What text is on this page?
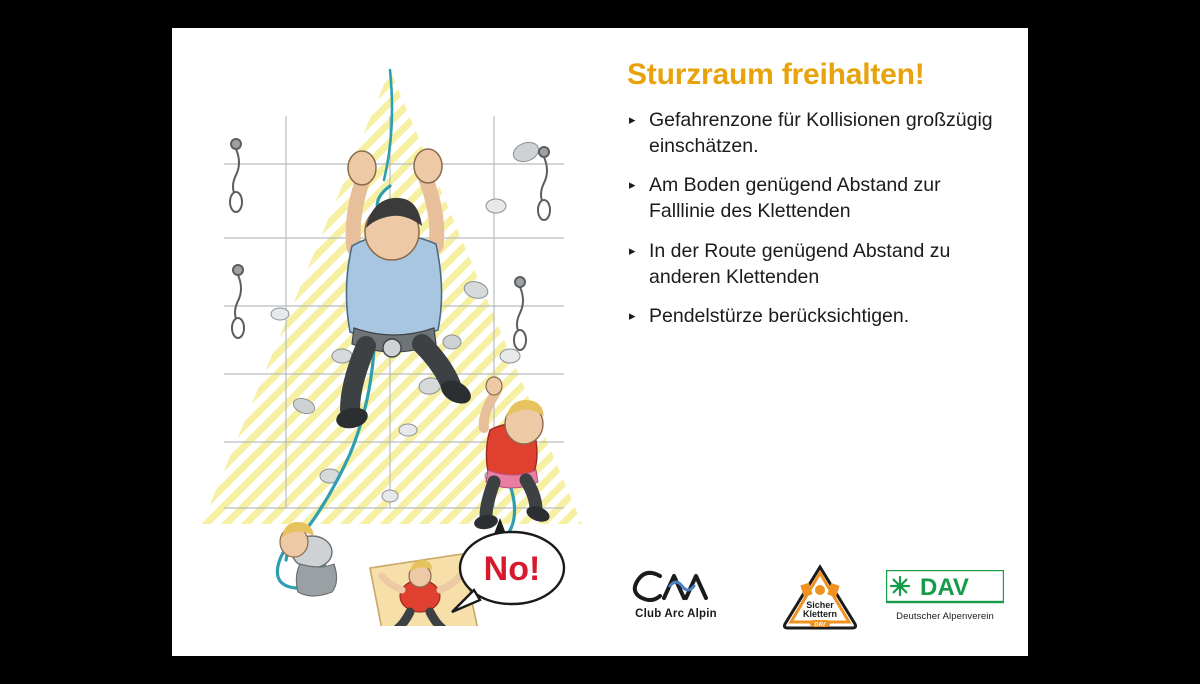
No!
Sturzraum freihalten!
▸ Gefahrenzone für Kollisionen großzügig einschätzen.
▸ Am Boden genügend Abstand zur Falllinie des Klettenden
▸ In der Route genügend Abstand zu anderen Klettenden
▸ Pendelstürze berücksichtigen.
Club Arc Alpin
Sicher
Klettern
DAV
DAV
Deutscher Alpenverein
